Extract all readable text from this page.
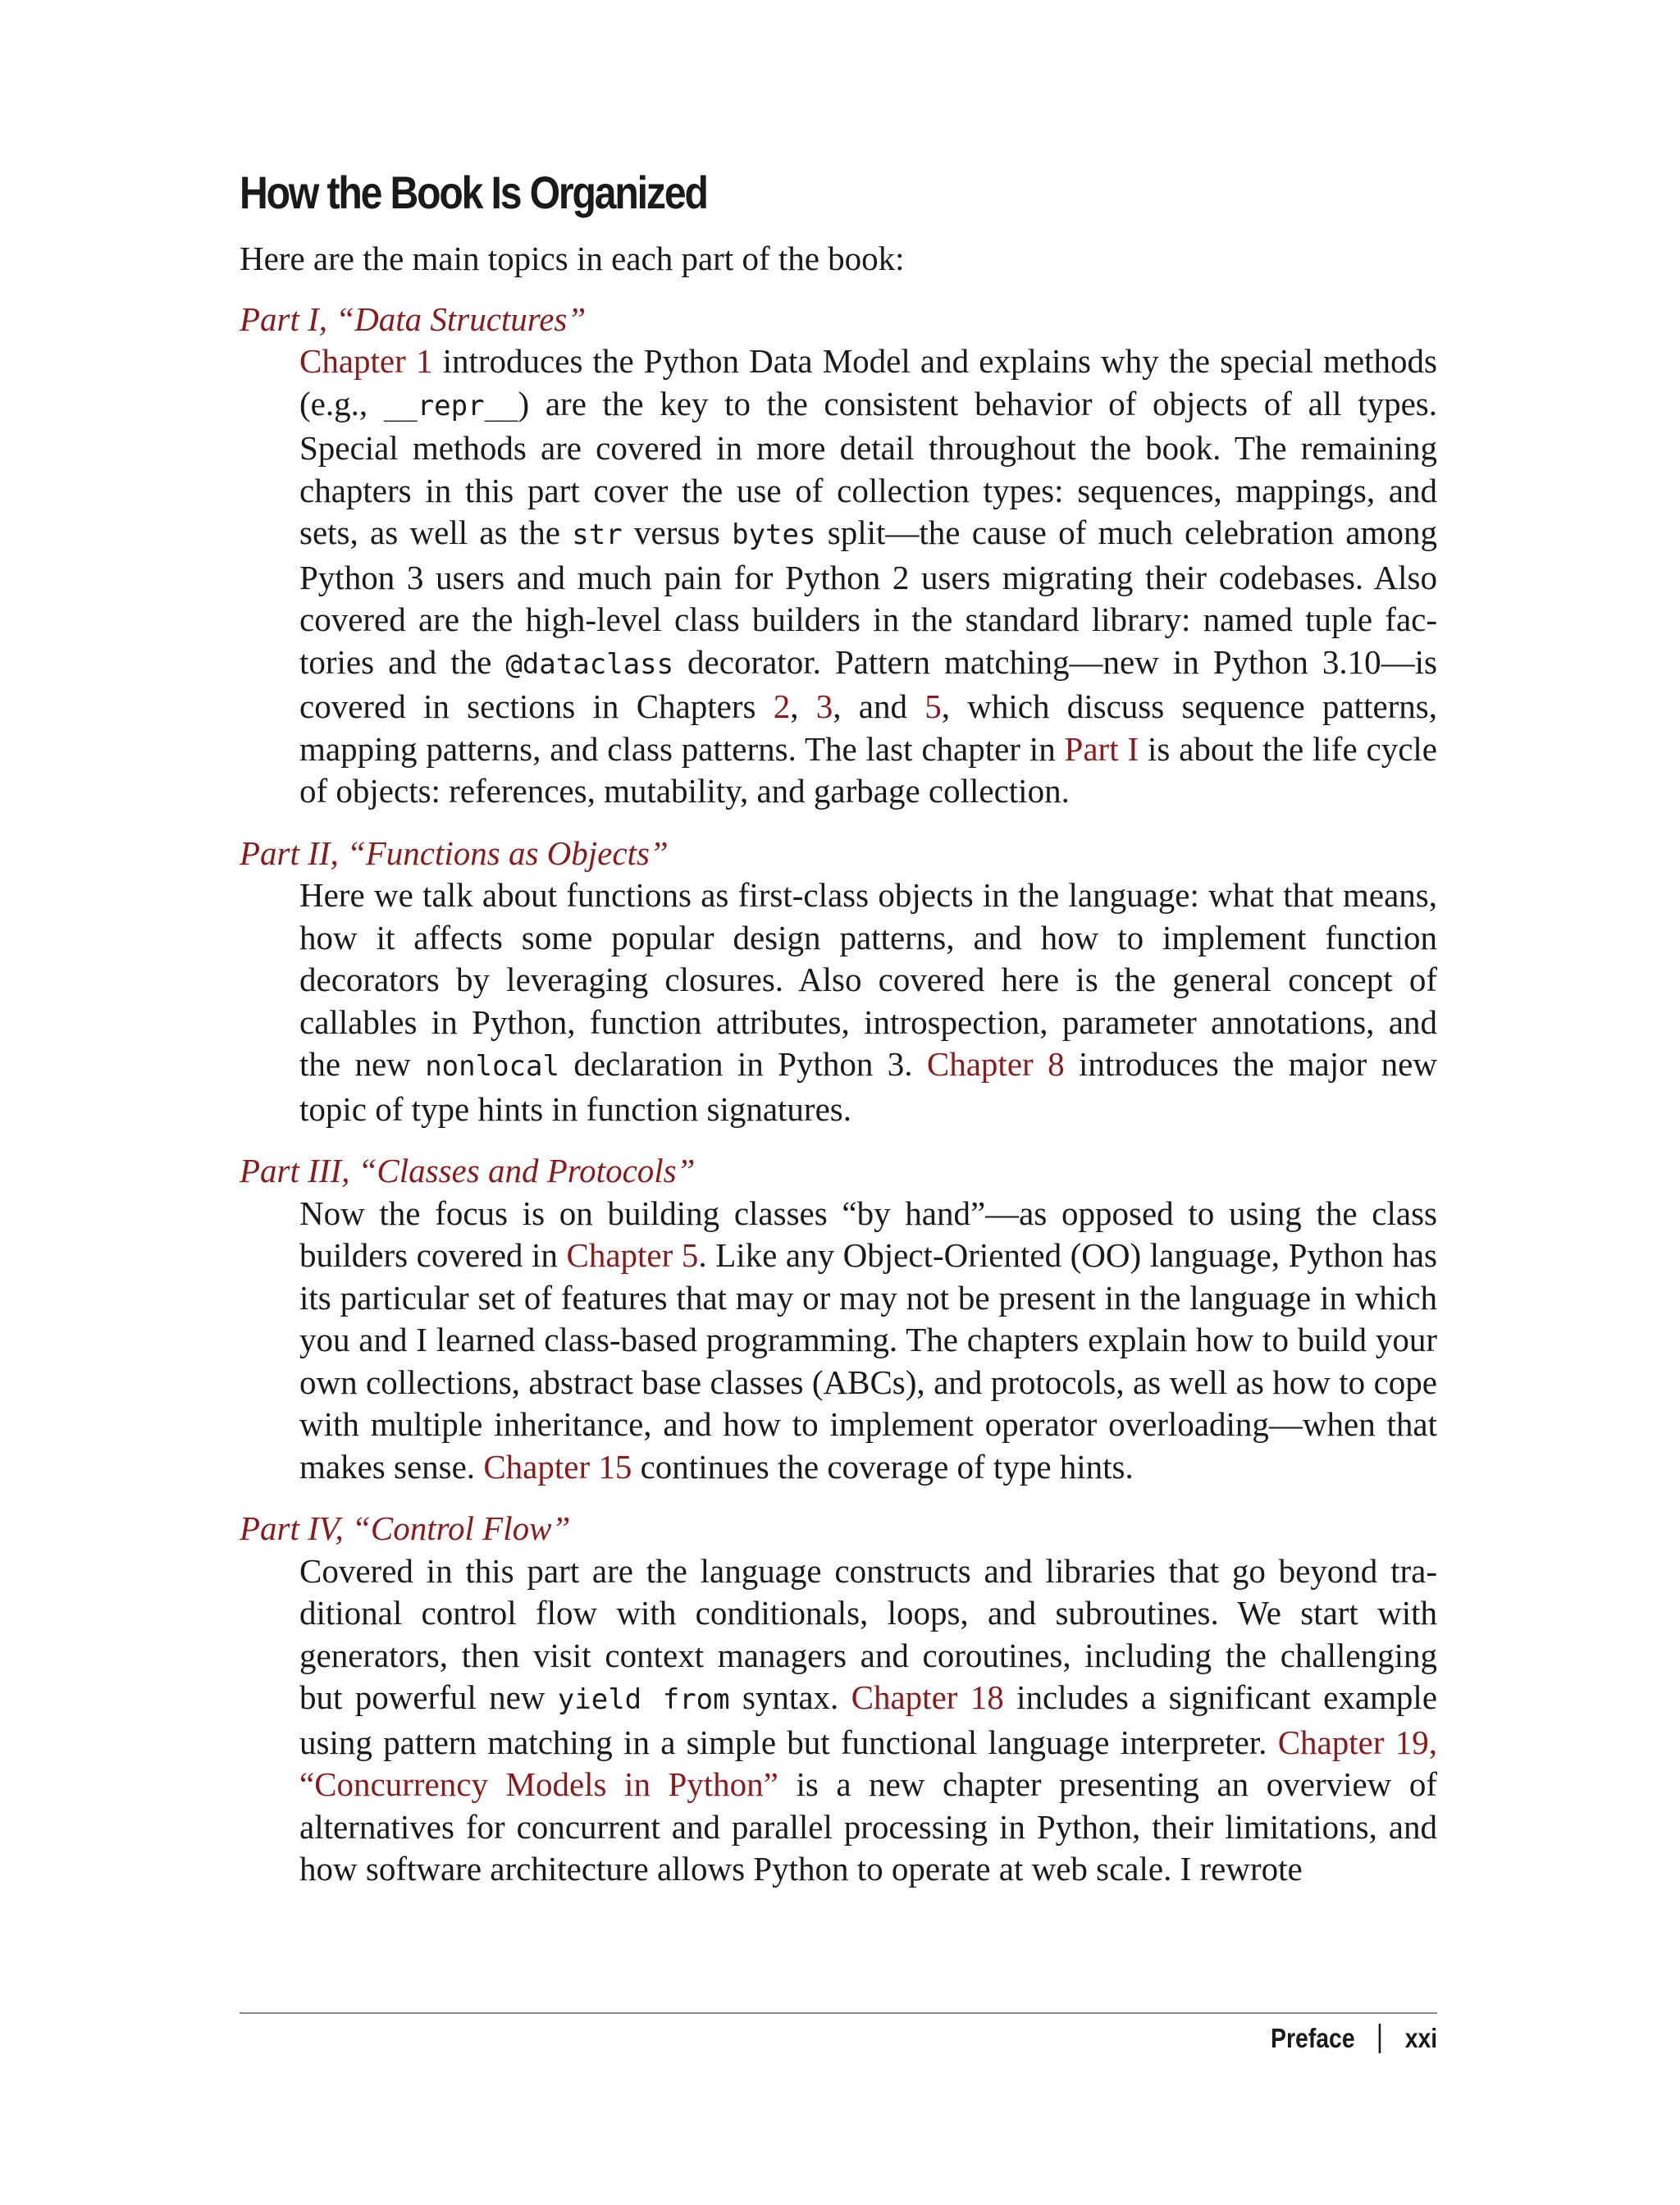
How the Book Is Organized

Here are the main topics in each part of the book:

Part I, “Data Structures”
Chapter 1 introduces the Python Data Model and explains why the special methods (e.g., __repr__) are the key to the consistent behavior of objects of all types. Special methods are covered in more detail throughout the book. The remaining chapters in this part cover the use of collection types: sequences, mappings, and sets, as well as the str versus bytes split—the cause of much celebration among Python 3 users and much pain for Python 2 users migrating their codebases. Also covered are the high-level class builders in the standard library: named tuple factories and the @dataclass decorator. Pattern matching—new in Python 3.10—is covered in sections in Chapters 2, 3, and 5, which discuss sequence patterns, mapping patterns, and class patterns. The last chapter in Part I is about the life cycle of objects: references, mutability, and garbage collection.
Part II, “Functions as Objects”
Here we talk about functions as first-class objects in the language: what that means, how it affects some popular design patterns, and how to implement function decorators by leveraging closures. Also covered here is the general concept of callables in Python, function attributes, introspection, parameter annotations, and the new nonlocal declaration in Python 3. Chapter 8 introduces the major new topic of type hints in function signatures.
Part III, “Classes and Protocols”
Now the focus is on building classes “by hand”—as opposed to using the class builders covered in Chapter 5. Like any Object-Oriented (OO) language, Python has its particular set of features that may or may not be present in the language in which you and I learned class-based programming. The chapters explain how to build your own collections, abstract base classes (ABCs), and protocols, as well as how to cope with multiple inheritance, and how to implement operator overloading—when that makes sense. Chapter 15 continues the coverage of type hints.
Part IV, “Control Flow”
Covered in this part are the language constructs and libraries that go beyond traditional control flow with conditionals, loops, and subroutines. We start with generators, then visit context managers and coroutines, including the challenging but powerful new yield from syntax. Chapter 18 includes a significant example using pattern matching in a simple but functional language interpreter. Chapter 19, “Concurrency Models in Python” is a new chapter presenting an overview of alternatives for concurrent and parallel processing in Python, their limitations, and how software architecture allows Python to operate at web scale. I rewrote
Preface xxi
